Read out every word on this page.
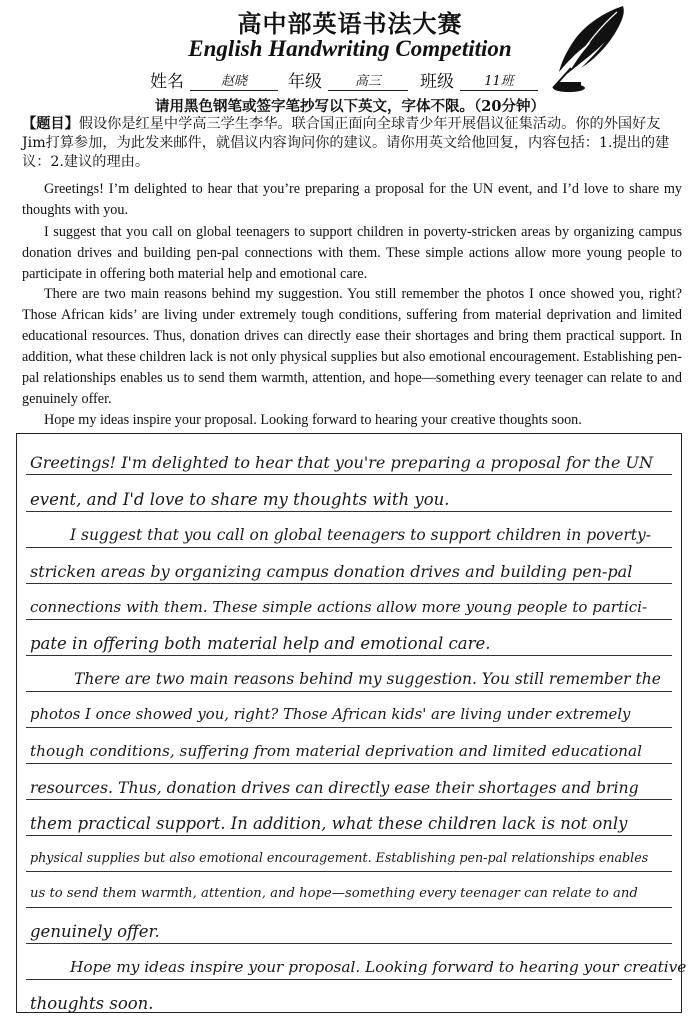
高中部英语书法大赛
English Handwriting Competition
姓名	赵晓	年级	高三	班级	11班
请用黑色钢笔或签字笔抄写以下英文，字体不限。（20分钟）
【题目】假设你是红星中学高三学生李华。联合国正面向全球青少年开展倡议征集活动。你的外国好友Jim打算参加，为此发来邮件，就倡议内容询问你的建议。请你用英文给他回复，内容包括：1.提出的建议：2.建议的理由。

Greetings! I’m delighted to hear that you’re preparing a proposal for the UN event, and I’d love to share my thoughts with you.

I suggest that you call on global teenagers to support children in poverty-stricken areas by organizing campus donation drives and building pen-pal connections with them. These simple actions allow more young people to participate in offering both material help and emotional care.

There are two main reasons behind my suggestion. You still remember the photos I once showed you, right? Those African kids’ are living under extremely tough conditions, suffering from material deprivation and limited educational resources. Thus, donation drives can directly ease their shortages and bring them practical support. In addition, what these children lack is not only physical supplies but also emotional encouragement. Establishing pen-pal relationships enables us to send them warmth, attention, and hope—something every teenager can relate to and genuinely offer.

Hope my ideas inspire your proposal. Looking forward to hearing your creative thoughts soon.

Greetings! I'm delighted to hear that you're preparing a proposal for the UN
event, and I'd love to share my thoughts with you.
I suggest that you call on global teenagers to support children in poverty-
stricken areas by organizing campus donation drives and building pen-pal
connections with them. These simple actions allow more young people to partici-
pate in offering both material help and emotional care.
There are two main reasons behind my suggestion. You still remember the
photos I once showed you, right? Those African kids' are living under extremely
though conditions, suffering from material deprivation and limited educational
resources. Thus, donation drives can directly ease their shortages and bring
them practical support. In addition, what these children lack is not only
physical supplies but also emotional encouragement. Establishing pen-pal relationships enables
us to send them warmth, attention, and hope—something every teenager can relate to and
genuinely offer.
Hope my ideas inspire your proposal. Looking forward to hearing your creative
thoughts soon.
